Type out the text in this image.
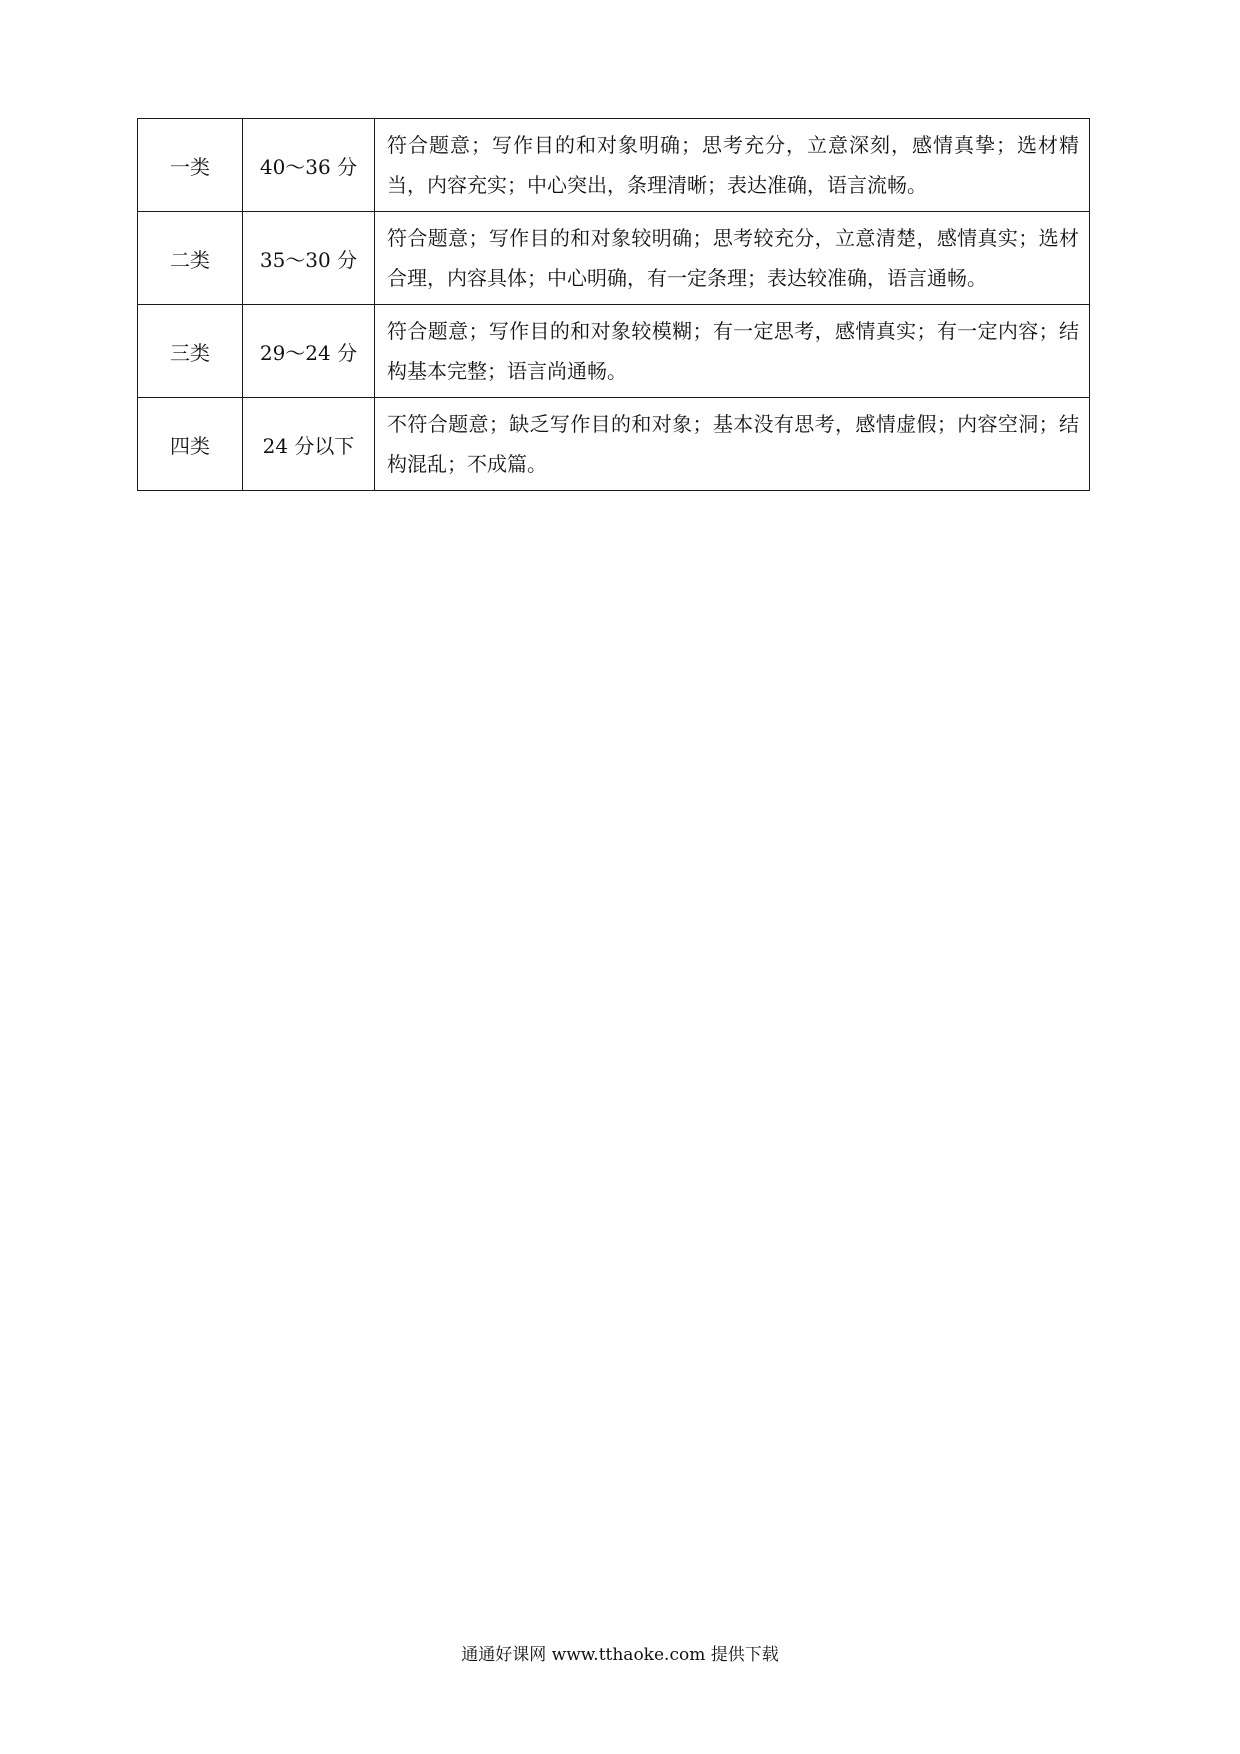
一类	40～36 分	符合题意；写作目的和对象明确；思考充分，立意深刻，感情真挚；选材精当，内容充实；中心突出，条理清晰；表达准确，语言流畅。
二类	35～30 分	符合题意；写作目的和对象较明确；思考较充分，立意清楚，感情真实；选材合理，内容具体；中心明确，有一定条理；表达较准确，语言通畅。
三类	29～24 分	符合题意；写作目的和对象较模糊；有一定思考，感情真实；有一定内容；结构基本完整；语言尚通畅。
四类	24 分以下	不符合题意；缺乏写作目的和对象；基本没有思考，感情虚假；内容空洞；结构混乱；不成篇。
通通好课网 www.tthaoke.com 提供下载
